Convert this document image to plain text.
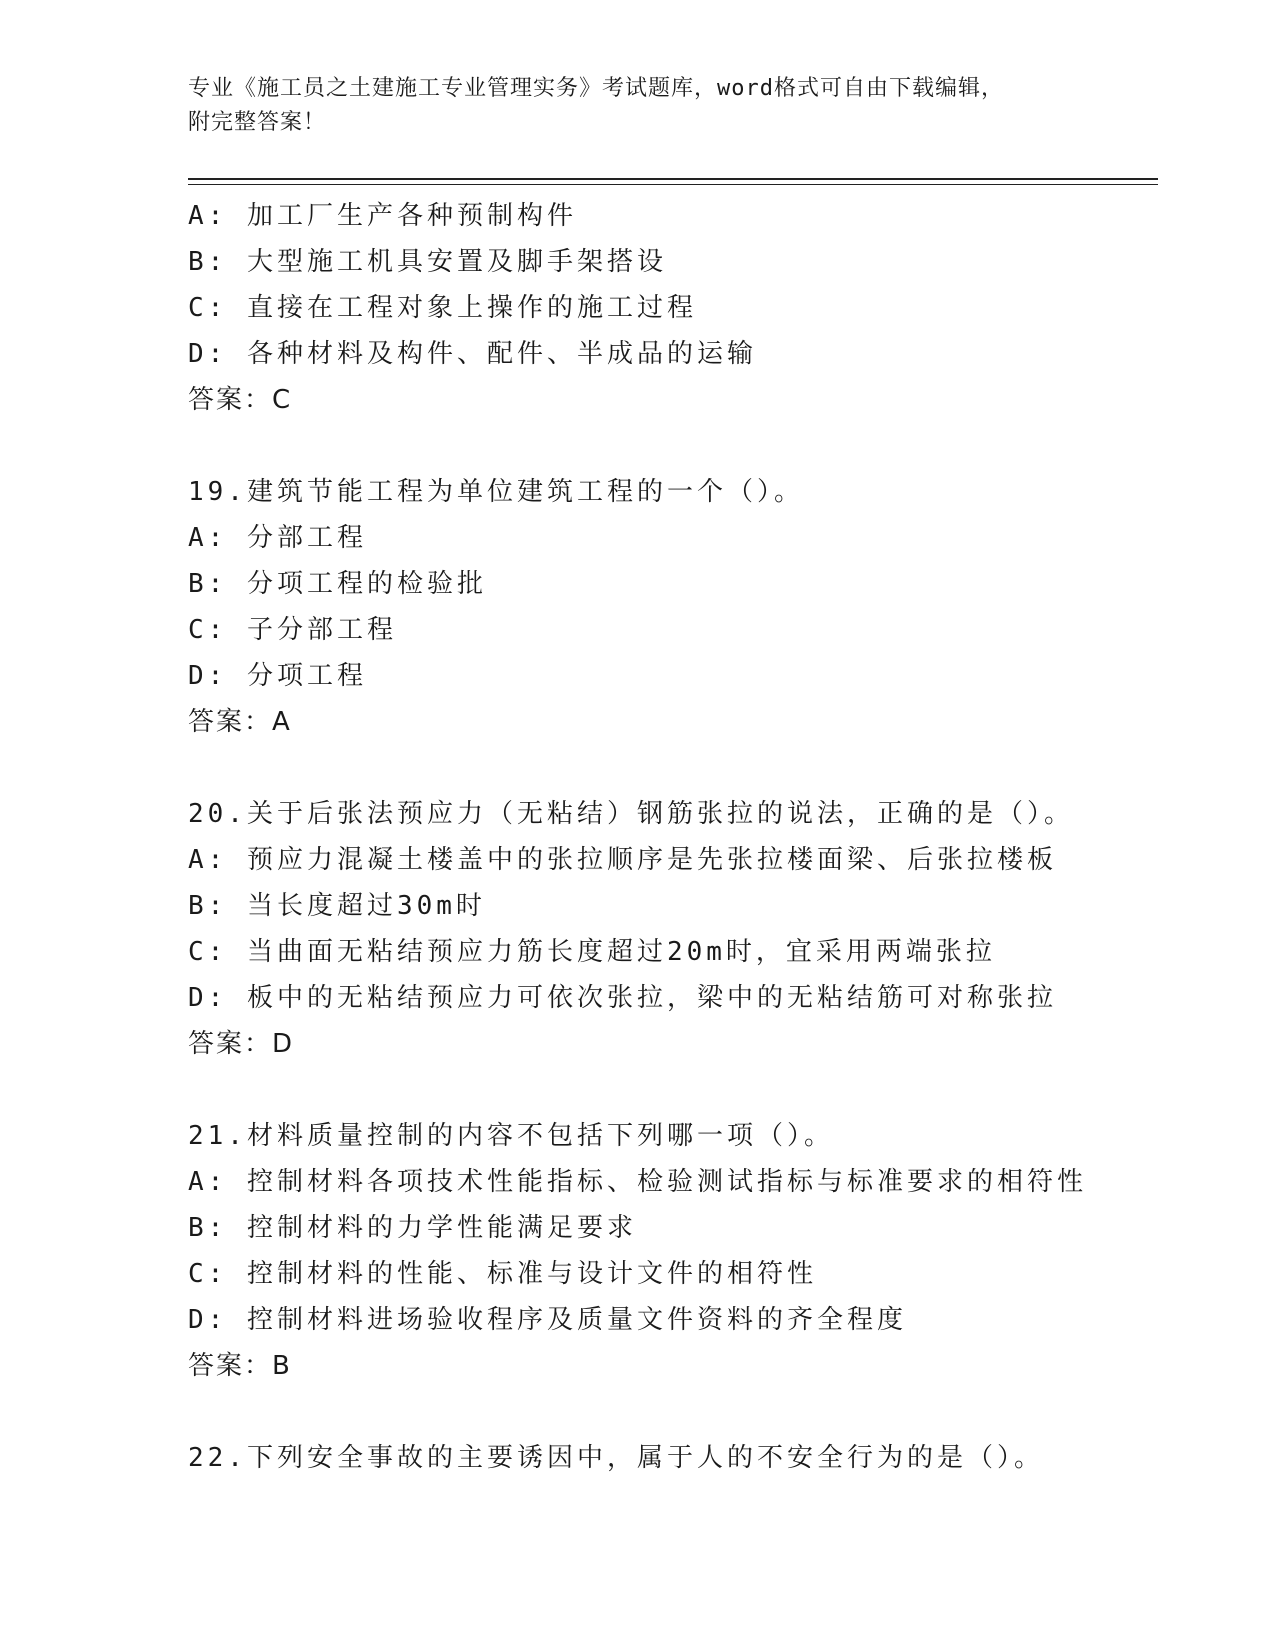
专业《施工员之土建施工专业管理实务》考试题库，word格式可自由下载编辑，
附完整答案！
A: 加工厂生产各种预制构件
B: 大型施工机具安置及脚手架搭设
C: 直接在工程对象上操作的施工过程
D: 各种材料及构件、配件、半成品的运输
答案：C
19.建筑节能工程为单位建筑工程的一个（）。
A: 分部工程
B: 分项工程的检验批
C: 子分部工程
D: 分项工程
答案：A
20.关于后张法预应力（无粘结）钢筋张拉的说法，正确的是（）。
A: 预应力混凝土楼盖中的张拉顺序是先张拉楼面梁、后张拉楼板
B: 当长度超过30m时
C: 当曲面无粘结预应力筋长度超过20m时，宜采用两端张拉
D: 板中的无粘结预应力可依次张拉，梁中的无粘结筋可对称张拉
答案：D
21.材料质量控制的内容不包括下列哪一项（）。
A: 控制材料各项技术性能指标、检验测试指标与标准要求的相符性
B: 控制材料的力学性能满足要求
C: 控制材料的性能、标准与设计文件的相符性
D: 控制材料进场验收程序及质量文件资料的齐全程度
答案：B
22.下列安全事故的主要诱因中，属于人的不安全行为的是（）。
